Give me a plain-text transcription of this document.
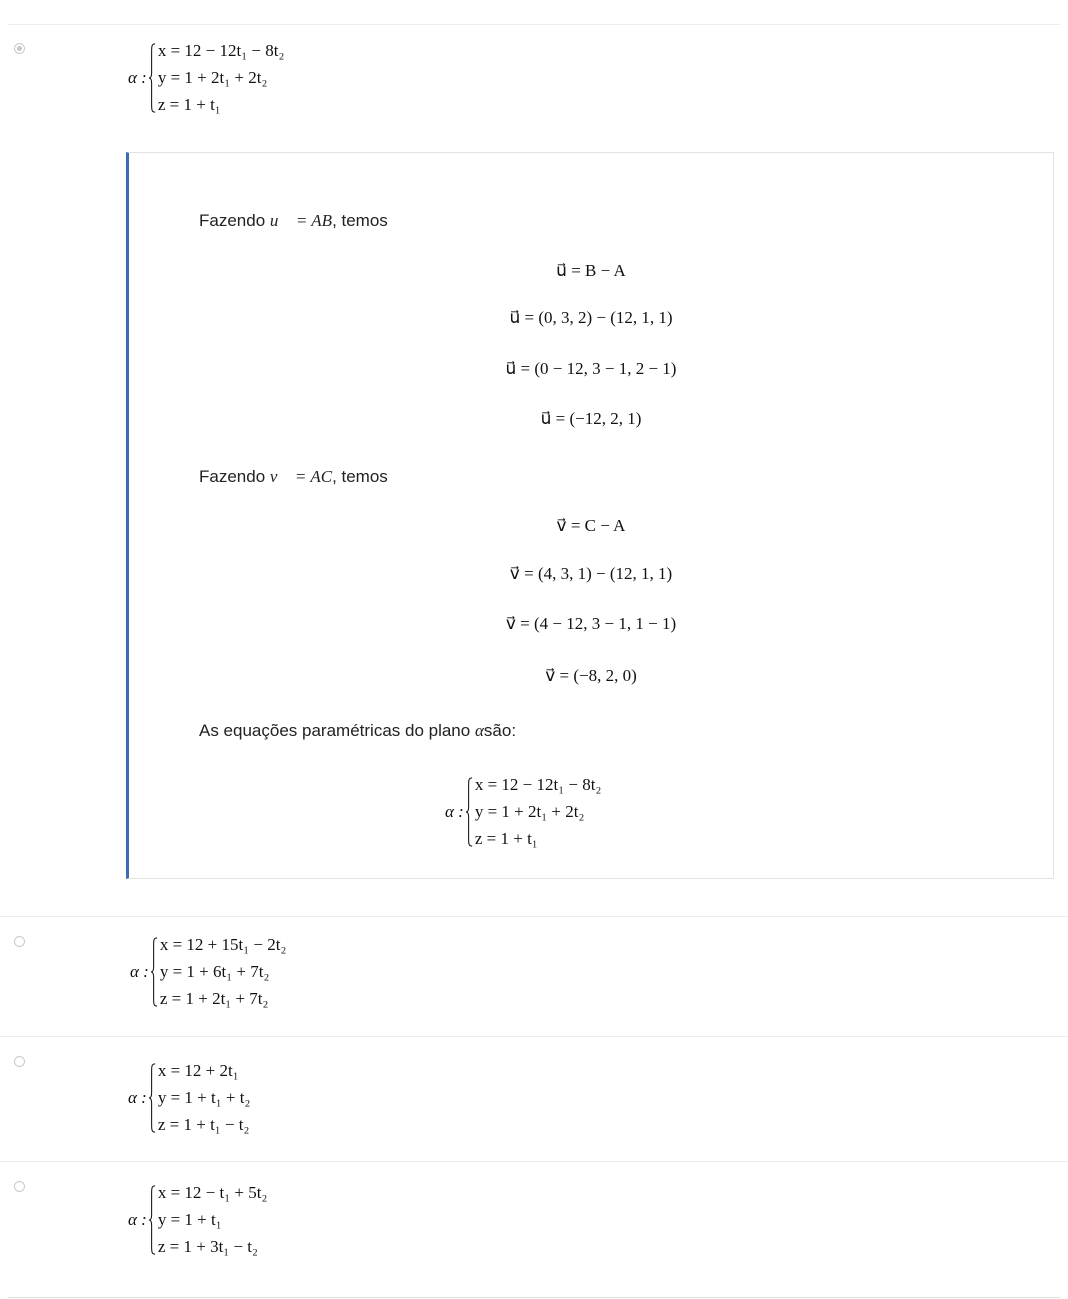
α :
x = 12 − 12t₁ − 8t₂
y = 1 + 2t₁ + 2t₂
z = 1 + t₁
Fazendo u⃗ = AB, temos
u⃗ = B − A
u⃗ = (0, 3, 2) − (12, 1, 1)
u⃗ = (0 − 12, 3 − 1, 2 − 1)
u⃗ = (−12, 2, 1)
Fazendo v⃗ = AC, temos
v⃗ = C − A
v⃗ = (4, 3, 1) − (12, 1, 1)
v⃗ = (4 − 12, 3 − 1, 1 − 1)
v⃗ = (−8, 2, 0)
As equações paramétricas do plano αsão:
α :
x = 12 − 12t₁ − 8t₂
y = 1 + 2t₁ + 2t₂
z = 1 + t₁
α :
x = 12 + 15t₁ − 2t₂
y = 1 + 6t₁ + 7t₂
z = 1 + 2t₁ + 7t₂
α :
x = 12 + 2t₁
y = 1 + t₁ + t₂
z = 1 + t₁ − t₂
α :
x = 12 − t₁ + 5t₂
y = 1 + t₁
z = 1 + 3t₁ − t₂
